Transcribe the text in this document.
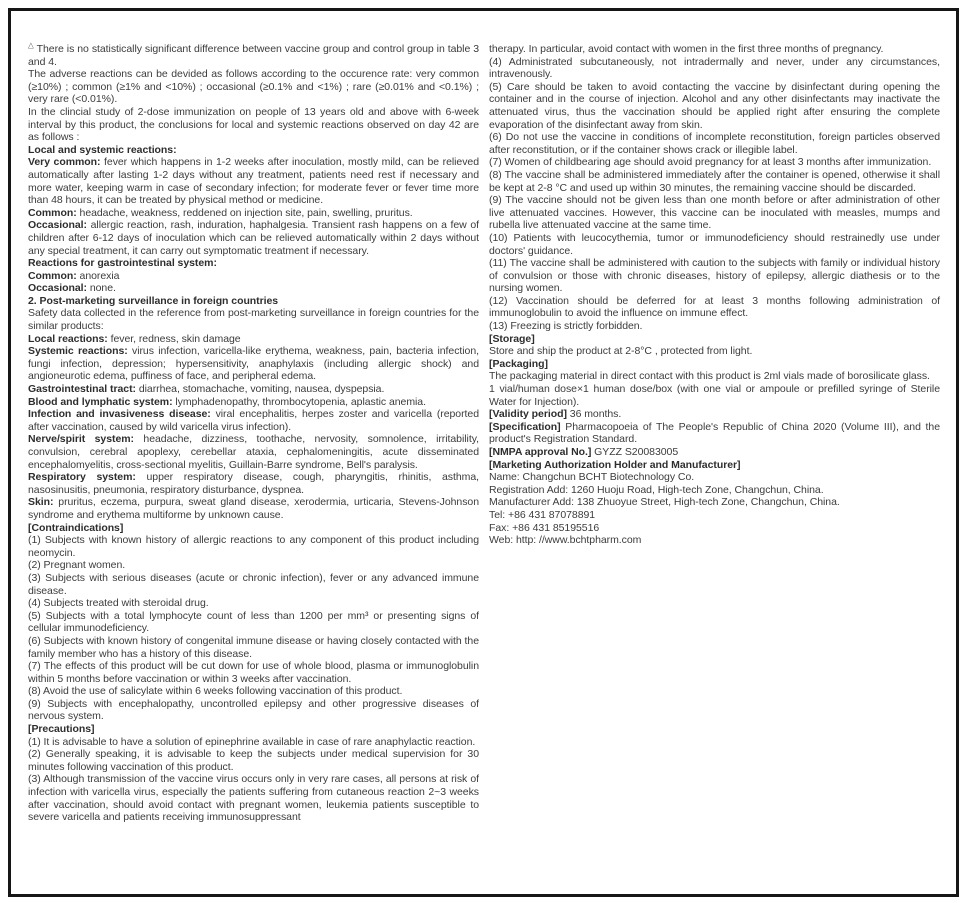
△ There is no statistically significant difference between vaccine group and control group in table 3 and 4.

The adverse reactions can be devided as follows according to the occurence rate: very common (≥10%) ; common (≥1% and <10%) ; occasional (≥0.1% and <1%) ; rare (≥0.01% and <0.1%) ; very rare (<0.01%).

In the clincial study of 2-dose immunization on people of 13 years old and above with 6-week interval by this product, the conclusions for local and systemic reactions observed on day 42 are as follows :

Local and systemic reactions:

Very common: fever which happens in 1-2 weeks after inoculation, mostly mild, can be relieved automatically after lasting 1-2 days without any treatment, patients need rest if necessary and more water, keeping warm in case of secondary infection; for moderate fever or fever time more than 48 hours, it can be treated by physical method or medicine.

Common: headache, weakness, reddened on injection site, pain, swelling, pruritus.

Occasional: allergic reaction, rash, induration, haphalgesia. Transient rash happens on a few of children after 6-12 days of inoculation which can be relieved automatically within 2 days without any special treatment, it can carry out symptomatic treatment if necessary.

Reactions for gastrointestinal system:

Common: anorexia

Occasional: none.

2. Post-marketing surveillance in foreign countries

Safety data collected in the reference from post-marketing surveillance in foreign countries for the similar products:

Local reactions: fever, redness, skin damage

Systemic reactions: virus infection, varicella-like erythema, weakness, pain, bacteria infection, fungi infection, depression; hypersensitivity, anaphylaxis (including allergic shock) and angioneurotic edema, puffiness of face, and peripheral edema.

Gastrointestinal tract: diarrhea, stomachache, vomiting, nausea, dyspepsia.

Blood and lymphatic system: lymphadenopathy, thrombocytopenia, aplastic anemia.

Infection and invasiveness disease: viral encephalitis, herpes zoster and varicella (reported after vaccination, caused by wild varicella virus infection).

Nerve/spirit system: headache, dizziness, toothache, nervosity, somnolence, irritability, convulsion, cerebral apoplexy, cerebellar ataxia, cephalomeningitis, acute disseminated encephalomyelitis, cross-sectional myelitis, Guillain-Barre syndrome, Bell's paralysis.

Respiratory system: upper respiratory disease, cough, pharyngitis, rhinitis, asthma, nasosinusitis, pneumonia, respiratory disturbance, dyspnea.

Skin: pruritus, eczema, purpura, sweat gland disease, xerodermia, urticaria, Stevens-Johnson syndrome and erythema multiforme by unknown cause.

[Contraindications]

(1) Subjects with known history of allergic reactions to any component of this product including neomycin.

(2) Pregnant women.

(3) Subjects with serious diseases (acute or chronic infection), fever or any advanced immune disease.

(4) Subjects treated with steroidal drug.

(5) Subjects with a total lymphocyte count of less than 1200 per mm³ or presenting signs of cellular immunodeficiency.

(6) Subjects with known history of congenital immune disease or having closely contacted with the family member who has a history of this disease.

(7) The effects of this product will be cut down for use of whole blood, plasma or immunoglobulin within 5 months before vaccination or within 3 weeks after vaccination.

(8) Avoid the use of salicylate within 6 weeks following vaccination of this product.

(9) Subjects with encephalopathy, uncontrolled epilepsy and other progressive diseases of nervous system.

[Precautions]

(1) It is advisable to have a solution of epinephrine available in case of rare anaphylactic reaction.

(2) Generally speaking, it is advisable to keep the subjects under medical supervision for 30 minutes following vaccination of this product.

(3) Although transmission of the vaccine virus occurs only in very rare cases, all persons at risk of infection with varicella virus, especially the patients suffering from cutaneous reaction 2~3 weeks after vaccination, should avoid contact with pregnant women, leukemia patients susceptible to severe varicella and patients receiving immunosuppressant

therapy. In particular, avoid contact with women in the first three months of pregnancy.

(4) Administrated subcutaneously, not intradermally and never, under any circumstances, intravenously.

(5) Care should be taken to avoid contacting the vaccine by disinfectant during opening the container and in the course of injection. Alcohol and any other disinfectants may inactivate the attenuated virus, thus the vaccination should be applied right after ensuring the complete evaporation of the disinfectant away from skin.

(6) Do not use the vaccine in conditions of incomplete reconstitution, foreign particles observed after reconstitution, or if the container shows crack or illegible label.

(7) Women of childbearing age should avoid pregnancy for at least 3 months after immunization.

(8) The vaccine shall be administered immediately after the container is opened, otherwise it shall be kept at 2-8 °C and used up within 30 minutes, the remaining vaccine should be discarded.

(9) The vaccine should not be given less than one month before or after administration of other live attenuated vaccines. However, this vaccine can be inoculated with measles, mumps and rubella live attenuated vaccine at the same time.

(10) Patients with leucocythemia, tumor or immunodeficiency should restrainedly use under doctors' guidance.

(11) The vaccine shall be administered with caution to the subjects with family or individual history of convulsion or those with chronic diseases, history of epilepsy, allergic diathesis or to the nursing women.

(12) Vaccination should be deferred for at least 3 months following administration of immunoglobulin to avoid the influence on immune effect.

(13) Freezing is strictly forbidden.

[Storage]

Store and ship the product at 2-8°C , protected from light.

[Packaging]

The packaging material in direct contact with this product is 2ml vials made of borosilicate glass.

1 vial/human dose×1 human dose/box (with one vial or ampoule or prefilled syringe of Sterile Water for Injection).

[Validity period] 36 months.

[Specification] Pharmacopoeia of The People's Republic of China 2020 (Volume III), and the product's Registration Standard.

[NMPA approval No.] GYZZ S20083005

[Marketing Authorization Holder and Manufacturer]

Name: Changchun BCHT Biotechnology Co.

Registration Add: 1260 Huoju Road, High-tech Zone, Changchun, China.

Manufacturer Add: 138 Zhuoyue Street, High-tech Zone, Changchun, China.

Tel: +86 431 87078891

Fax: +86 431 85195516

Web: http: //www.bchtpharm.com
